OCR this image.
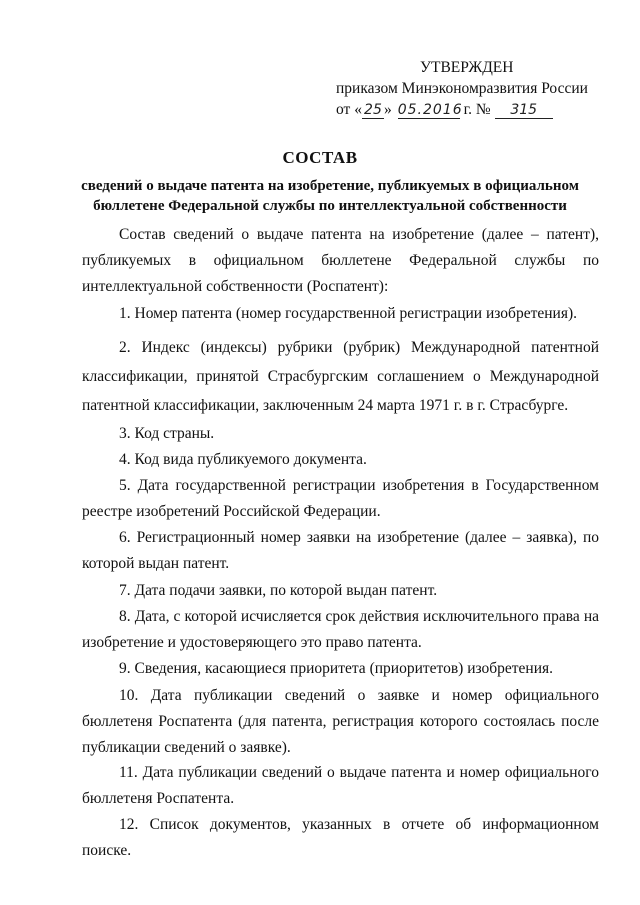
УТВЕРЖДЕН
приказом Минэкономразвития России
от « 25 » 05.2016 г. № 315
СОСТАВ
сведений о выдаче патента на изобретение, публикуемых в официальном бюллетене Федеральной службы по интеллектуальной собственности

Состав сведений о выдаче патента на изобретение (далее – патент), публикуемых в официальном бюллетене Федеральной службы по интеллектуальной собственности (Роспатент):

1. Номер патента (номер государственной регистрации изобретения).

2. Индекс (индексы) рубрики (рубрик) Международной патентной классификации, принятой Страсбургским соглашением о Международной патентной классификации, заключенным 24 марта 1971 г. в г. Страсбурге.

3. Код страны.

4. Код вида публикуемого документа.

5. Дата государственной регистрации изобретения в Государственном реестре изобретений Российской Федерации.

6. Регистрационный номер заявки на изобретение (далее – заявка), по которой выдан патент.

7. Дата подачи заявки, по которой выдан патент.

8. Дата, с которой исчисляется срок действия исключительного права на изобретение и удостоверяющего это право патента.

9. Сведения, касающиеся приоритета (приоритетов) изобретения.

10. Дата публикации сведений о заявке и номер официального бюллетеня Роспатента (для патента, регистрация которого состоялась после публикации сведений о заявке).

11. Дата публикации сведений о выдаче патента и номер официального бюллетеня Роспатента.

12. Список документов, указанных в отчете об информационном поиске.
